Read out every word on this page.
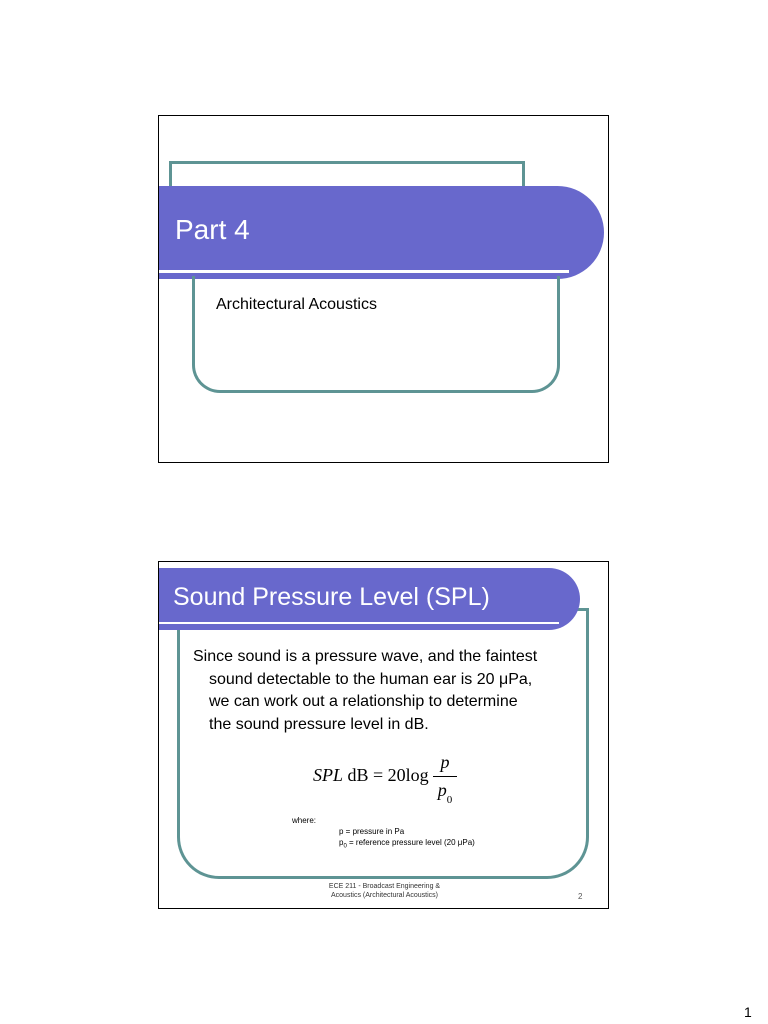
Part 4
Architectural Acoustics
Sound Pressure Level (SPL)
Since sound is a pressure wave, and the faintest
sound detectable to the human ear is 20 μPa,
we can work out a relationship to determine
the sound pressure level in dB.
SPL dB = 20log
p
$p_0$
where:
p = pressure in Pa
$p_0$ = reference pressure level (20 μPa)
ECE 211 - Broadcast Engineering &
Acoustics (Architectural Acoustics)	2
1
